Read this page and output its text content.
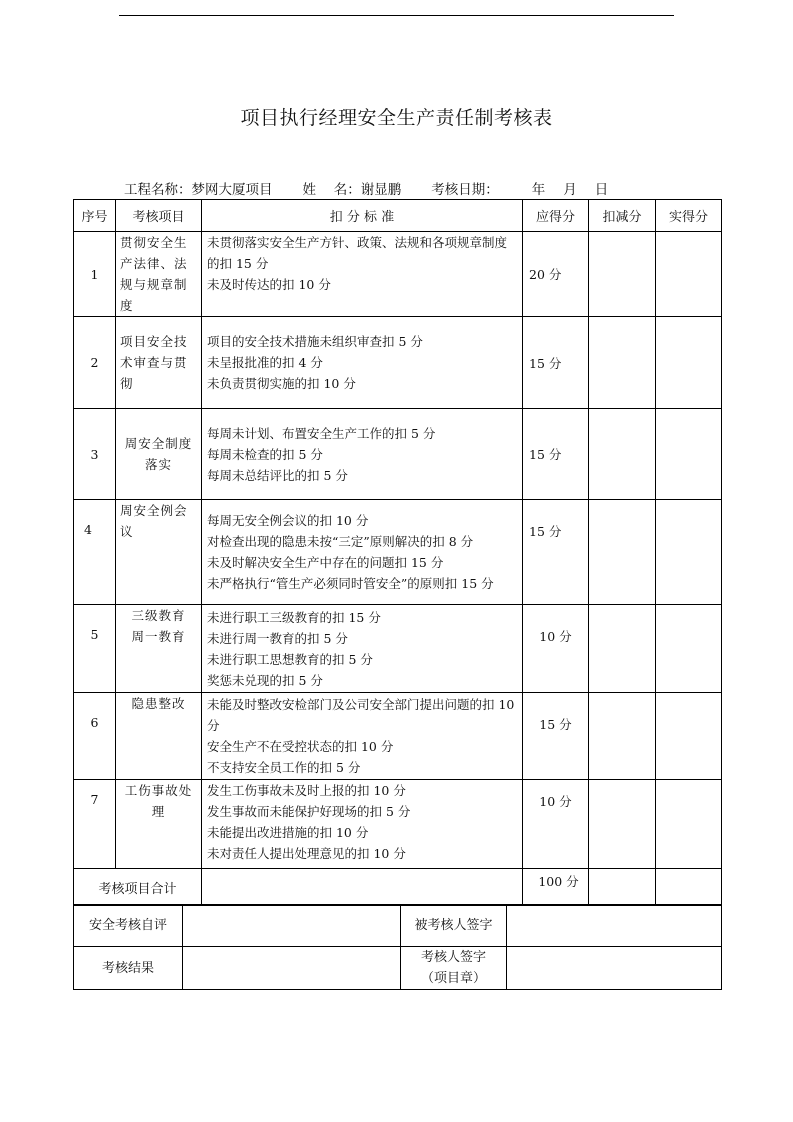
项目执行经理安全生产责任制考核表
工程名称：梦网大厦项目 姓　 名：谢显鹏 考核日期： 年 月 日
序号	考核项目	扣 分 标 准	应得分	扣减分	实得分
1	贯彻安全生产法律、法规与规章制度	未贯彻落实安全生产方针、政策、法规和各项规章制度的扣 15 分
未及时传达的扣 10 分	20 分		
2	项目安全技术审查与贯彻	项目的安全技术措施未组织审查扣 5 分
未呈报批准的扣 4 分
未负责贯彻实施的扣 10 分	15 分		
3	周安全制度落实	每周未计划、布置安全生产工作的扣 5 分
每周未检查的扣 5 分
每周未总结评比的扣 5 分	15 分		
4	周安全例会议	每周无安全例会议的扣 10 分
对检查出现的隐患未按“三定”原则解决的扣 8 分
未及时解决安全生产中存在的问题扣 15 分
未严格执行“管生产必须同时管安全”的原则扣 15 分	15 分		
5	三级教育周一教育	未进行职工三级教育的扣 15 分
未进行周一教育的扣 5 分
未进行职工思想教育的扣 5 分
奖惩未兑现的扣 5 分	10 分		
6	隐患整改	未能及时整改安检部门及公司安全部门提出问题的扣 10 分
安全生产不在受控状态的扣 10 分
不支持安全员工作的扣 5 分	15 分		
7	工伤事故处理	发生工伤事故未及时上报的扣 10 分
发生事故而未能保护好现场的扣 5 分
未能提出改进措施的扣 10 分
未对责任人提出处理意见的扣 10 分	10 分		
考核项目合计			100 分		
安全考核自评		被考核人签字	
考核结果		考核人签字
（项目章）	
